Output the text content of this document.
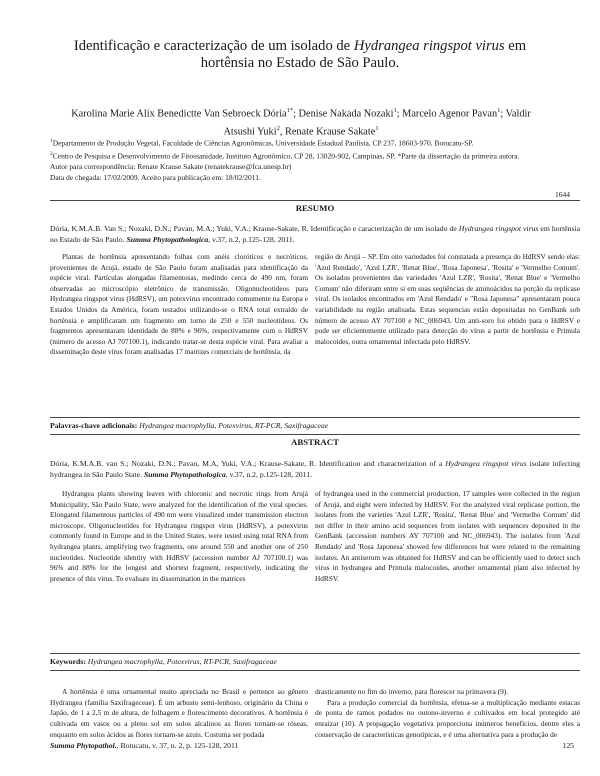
Identificação e caracterização de um isolado de Hydrangea ringspot virus em hortênsia no Estado de São Paulo.
Karolina Marie Alix Benedictte Van Sebroeck Dória$^{1*}$; Denise Nakada Nozaki$^1$; Marcelo Agenor Pavan$^1$; Valdir
Atsushi Yuki$^2$, Renate Krause Sakate$^1$

$^1$Departamento de Produção Vegetal, Faculdade de Ciências Agronômicas, Universidade Estadual Paulista, CP 237, 18603-970, Botucatu-SP.

$^2$Centro de Pesquisa e Desenvolvimento de Fitossanidade, Instituto Agronômico, CP 28, 13020-902, Campinas, SP. *Parte da dissertação da primeira autora.

Autor para correspondência: Renate Krause Sakate (renatekrause@fca.unesp.br)

Data de chegada: 17/02/2009. Aceito para publicação em: 18/02/2011.

1644
RESUMO
Dória, K.M.A.B. Van S.; Nozaki, D.N.; Pavan, M.A.; Yuki, V.A.; Krause-Sakate, R. Identificação e caracterização de um isolado de Hydrangea ringspot virus em hortênsia no Estado de São Paulo. Summa Phytopathologica, v.37, n.2, p.125-128, 2011.
Plantas de hortênsia apresentando folhas com anéis cloróticos e necróticos, provenientes de Arujá, estado de São Paulo foram analisadas para identificação da espécie viral. Partículas alongadas filamentosas, medindo cerca de 490 nm, foram observadas ao microscópio eletrônico de transmissão. Oligonucleotídeos para Hydrangea ringspot virus (HdRSV), um potexvírus encontrado comumente na Europa e Estados Unidos da América, foram testados utilizando-se o RNA total extraído de hortênsia e amplificaram um fragmento em torno de 250 e 550 nucleotídeos. Os fragmentos apresentaram identidade de 88% e 96%, respectivamente com o HdRSV (número de acesso AJ 707100.1), indicando tratar-se desta espécie viral. Para avaliar a disseminação deste vírus foram analisadas 17 matrizes comerciais de hortênsia, da
região de Arujá – SP. Em oito variedades foi constatada a presença do HdRSV sendo elas: 'Azul Rendado', 'Azul LZR', 'Renat Blue', 'Rosa Japonesa', 'Rosita' e 'Vermelho Comum'. Os isolados provenientes das variedades 'Azul LZR', 'Rosita', 'Renat Blue' e 'Vermelho Comum' não diferiram entre si em suas seqüências de aminoácidos na porção da replicase viral. Os isolados encontrados em 'Azul Rendado' e "Rosa Japonesa" apresentaram pouca variabilidade na região analisada. Estas sequencias estão depositadas no GenBank sob número de acesso AY 707100 e NC_006943. Um anti-soro foi obtido para o HdRSV e pode ser eficientemente utilizado para detecção do vírus a partir de hortênsia e Primula malocoides, outra ornamental infectada pelo HdRSV.
Palavras-chave adicionais: Hydrangea macrophylla, Potexvirus, RT-PCR, Saxifragaceae
ABSTRACT
Dória, K.M.A.B. van S.; Nozaki, D.N.; Pavan, M.A, Yuki, V.A.; Krause-Sakate, R. Identification and characterization of a Hydrangea ringspot virus isolate infecting hydrangea in São Paulo State. Summa Phytopathologica, v.37, n.2, p.125-128, 2011.
Hydrangea plants showing leaves with chloronic and necrotic rings from Arujá Municipality, São Paulo State, were analyzed for the identification of the viral species. Elongated filamentous particles of 490 nm were visualized under transmission electron microscope. Oligonucleotides for Hydrangea ringspot virus (HdRSV), a potexvirus commonly found in Europe and in the United States, were tested using total RNA from hydrangea plants, amplifying two fragments, one around 550 and another one of 250 nucleotides. Nucleotide identity with HdRSV (accession number AJ 707100.1) was 96% and 88% for the longest and shortest fragment, respectively, indicating the presence of this virus. To evaluate its dissemination in the matrices
of hydrangea used in the commercial production, 17 samples were collected in the region of Arujá, and eight were infected by HdRSV. For the analyzed viral replicase portion, the isolates from the varieties 'Azul LZR', 'Rosita', 'Renat Blue' and 'Vermelho Comum' did not differ in their amino acid sequences from isolates with sequences deposited in the GenBank (accession numbers AY 707100 and NC_006943). The isolates from 'Azul Rendado' and 'Rosa Japonesa' showed few differences but were related to the remaining isolates. An antiserum was obtained for HdRSV and can be efficiently used to detect such virus in hydrangea and Primula malocoides, another ornamental plant also infected by HdRSV.
Keywords: Hydrangea macrophylla, Potexvirus, RT-PCR, Saxifragaceae

A hortênsia é uma ornamental muito apreciada no Brasil e pertence ao gênero Hydrangea (família Saxifrageceae). É um arbusto semi-lenhoso, originário da China e Japão, de 1 a 2,5 m de altura, de folhagem e florescimento decorativos. A hortênsia é cultivada em vasos ou a pleno sol em solos alcalinos as flores tornam-se róseas, enquanto em solos ácidos as flores tornam-se azuis. Costuma ser podada

drasticamente no fim do inverno, para florescer na primavera (9).

Para a produção comercial da hortênsia, efetua-se a multiplicação mediante estacas de ponta de ramos podados no outono-inverno e cultivados em local protegido até enraizar (10). A propagação vegetativa proporciona inúmeros benefícios, dentre eles a conservação de características genotípicas, e é uma alternativa para a produção de

Summa Phytopathol., Botucatu, v. 37, n. 2, p. 125-128, 2011	125
